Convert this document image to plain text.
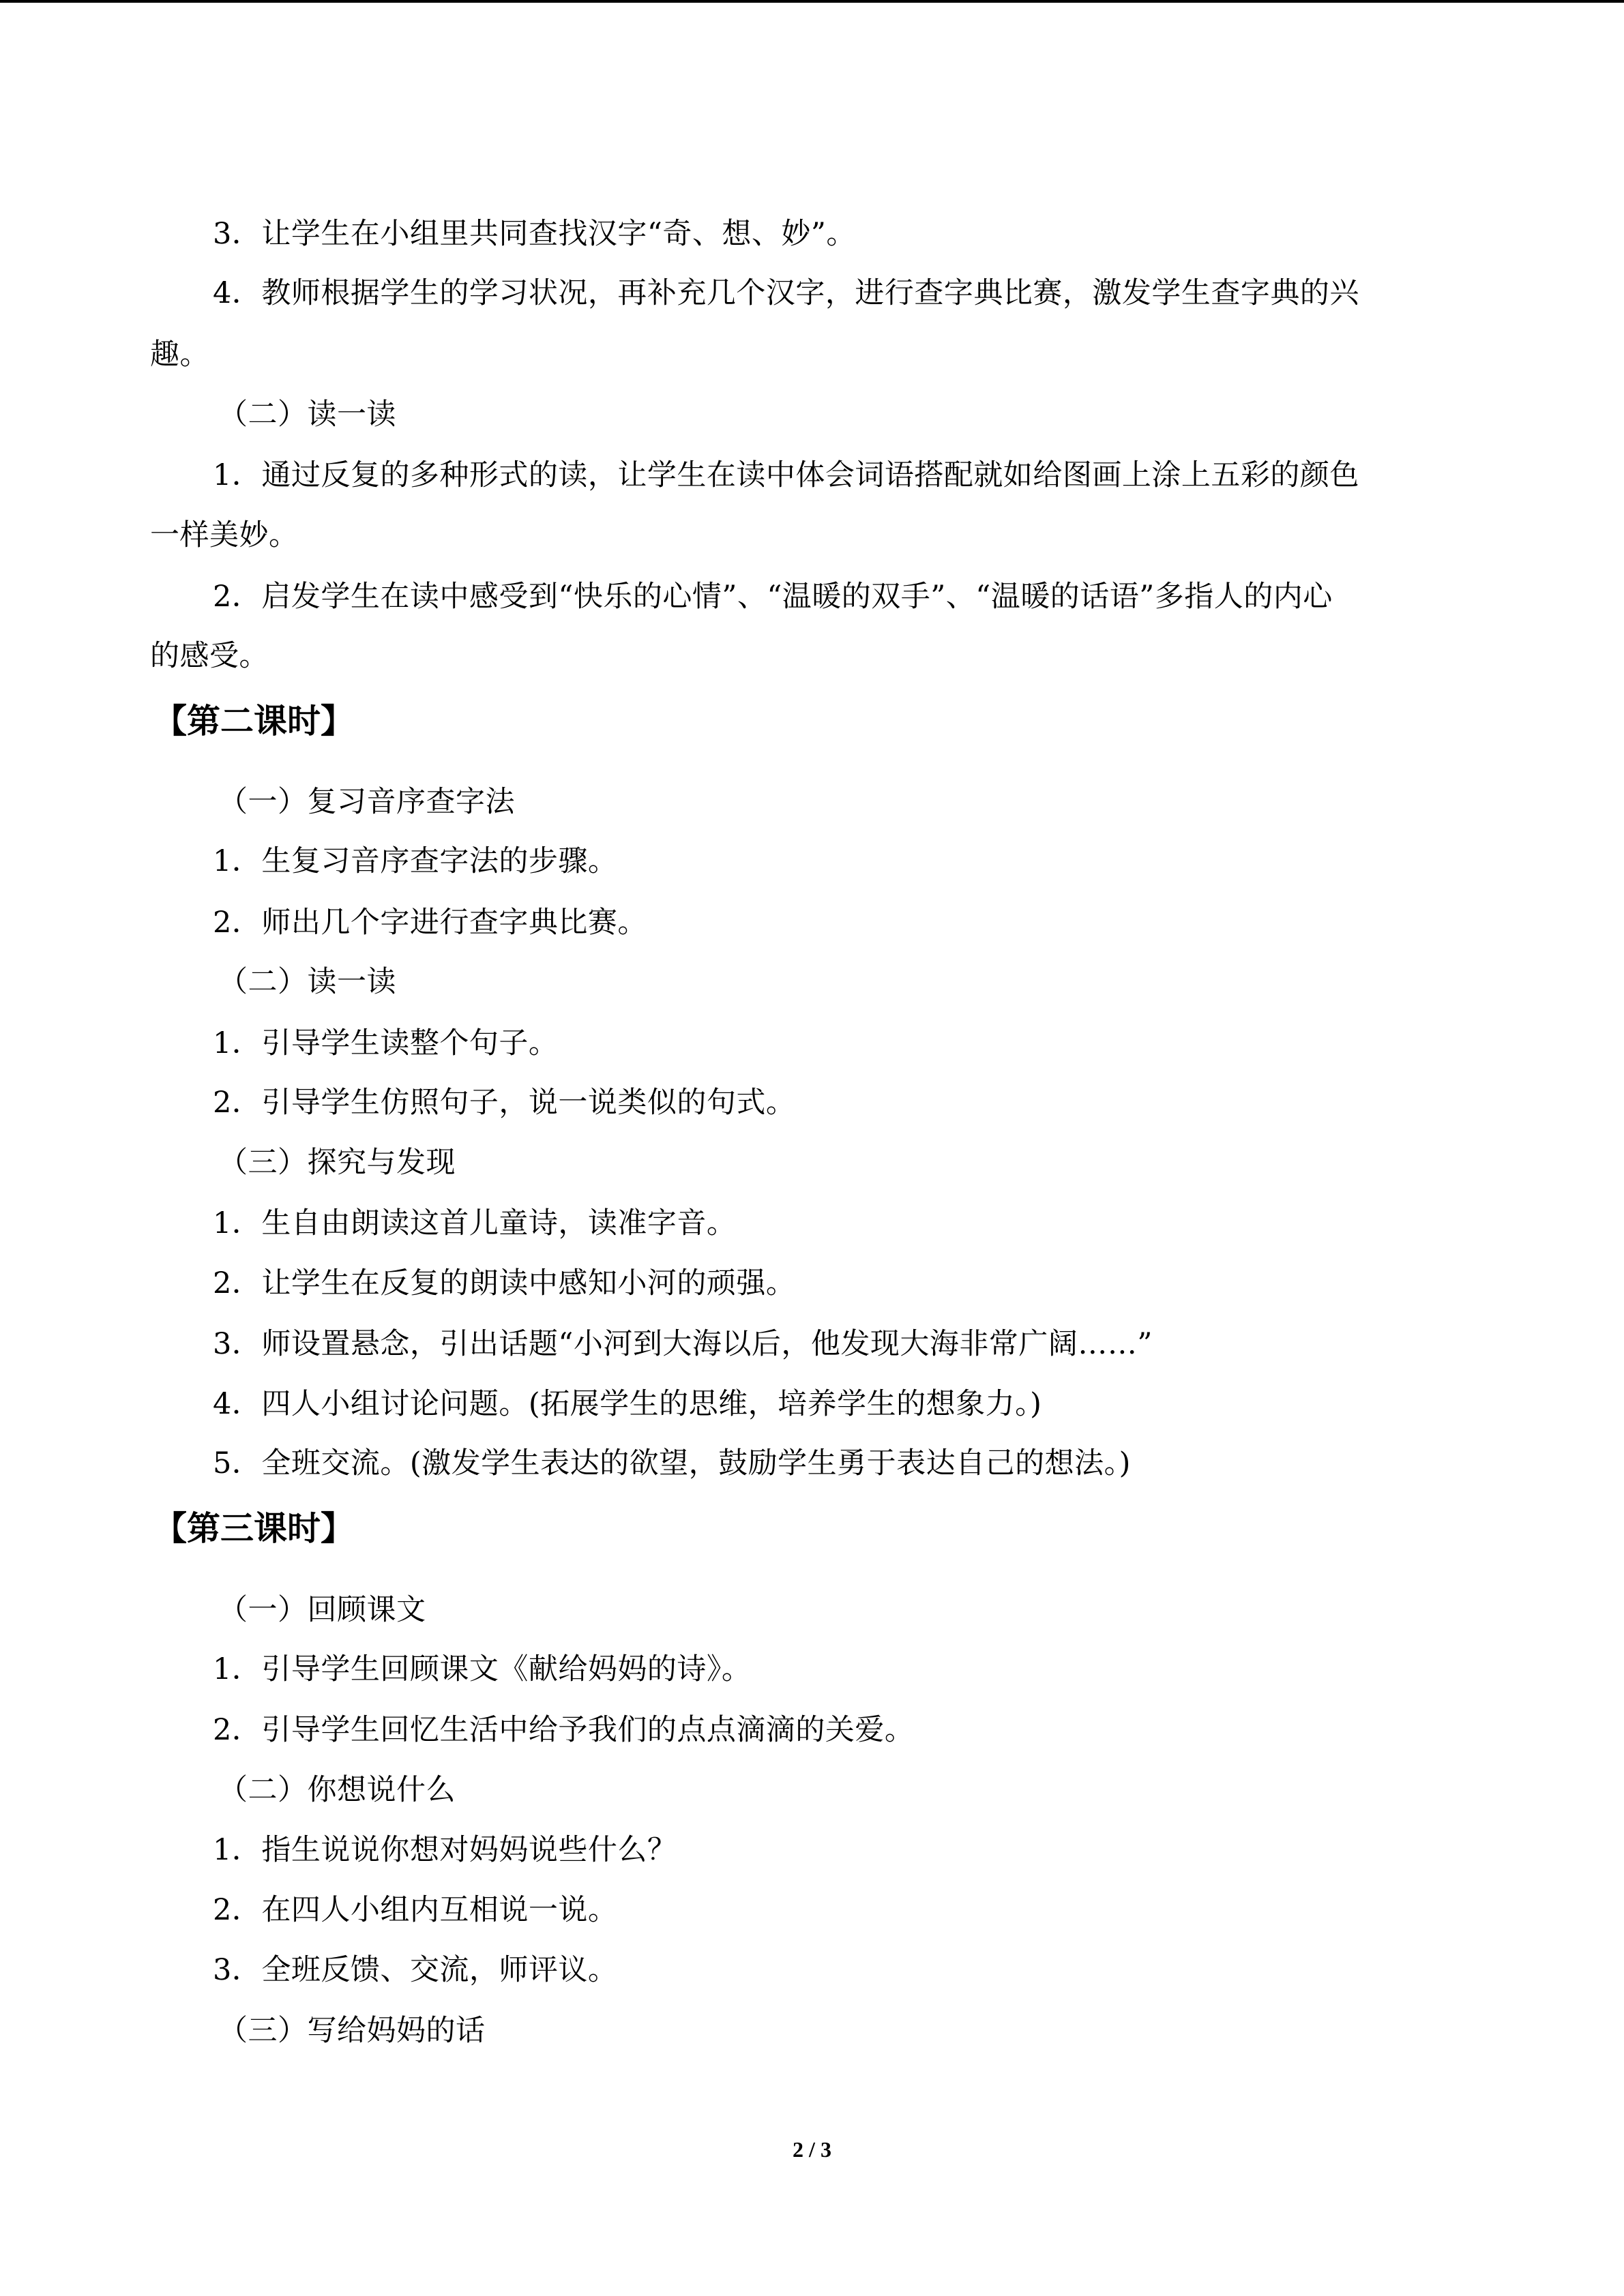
3．让学生在小组里共同查找汉字“奇、想、妙”。
4．教师根据学生的学习状况，再补充几个汉字，进行查字典比赛，激发学生查字典的兴
趣。
（二）读一读
1．通过反复的多种形式的读，让学生在读中体会词语搭配就如给图画上涂上五彩的颜色
一样美妙。
2．启发学生在读中感受到“快乐的心情”、“温暖的双手”、“温暖的话语”多指人的内心
的感受。
【第二课时】
（一）复习音序查字法
1．生复习音序查字法的步骤。
2．师出几个字进行查字典比赛。
（二）读一读
1．引导学生读整个句子。
2．引导学生仿照句子，说一说类似的句式。
（三）探究与发现
1．生自由朗读这首儿童诗，读准字音。
2．让学生在反复的朗读中感知小河的顽强。
3．师设置悬念，引出话题“小河到大海以后，他发现大海非常广阔……”
4．四人小组讨论问题。(拓展学生的思维，培养学生的想象力。)
5．全班交流。(激发学生表达的欲望，鼓励学生勇于表达自己的想法。)
【第三课时】
（一）回顾课文
1．引导学生回顾课文《献给妈妈的诗》。
2．引导学生回忆生活中给予我们的点点滴滴的关爱。
（二）你想说什么
1．指生说说你想对妈妈说些什么？
2．在四人小组内互相说一说。
3．全班反馈、交流，师评议。
（三）写给妈妈的话
2 / 3
